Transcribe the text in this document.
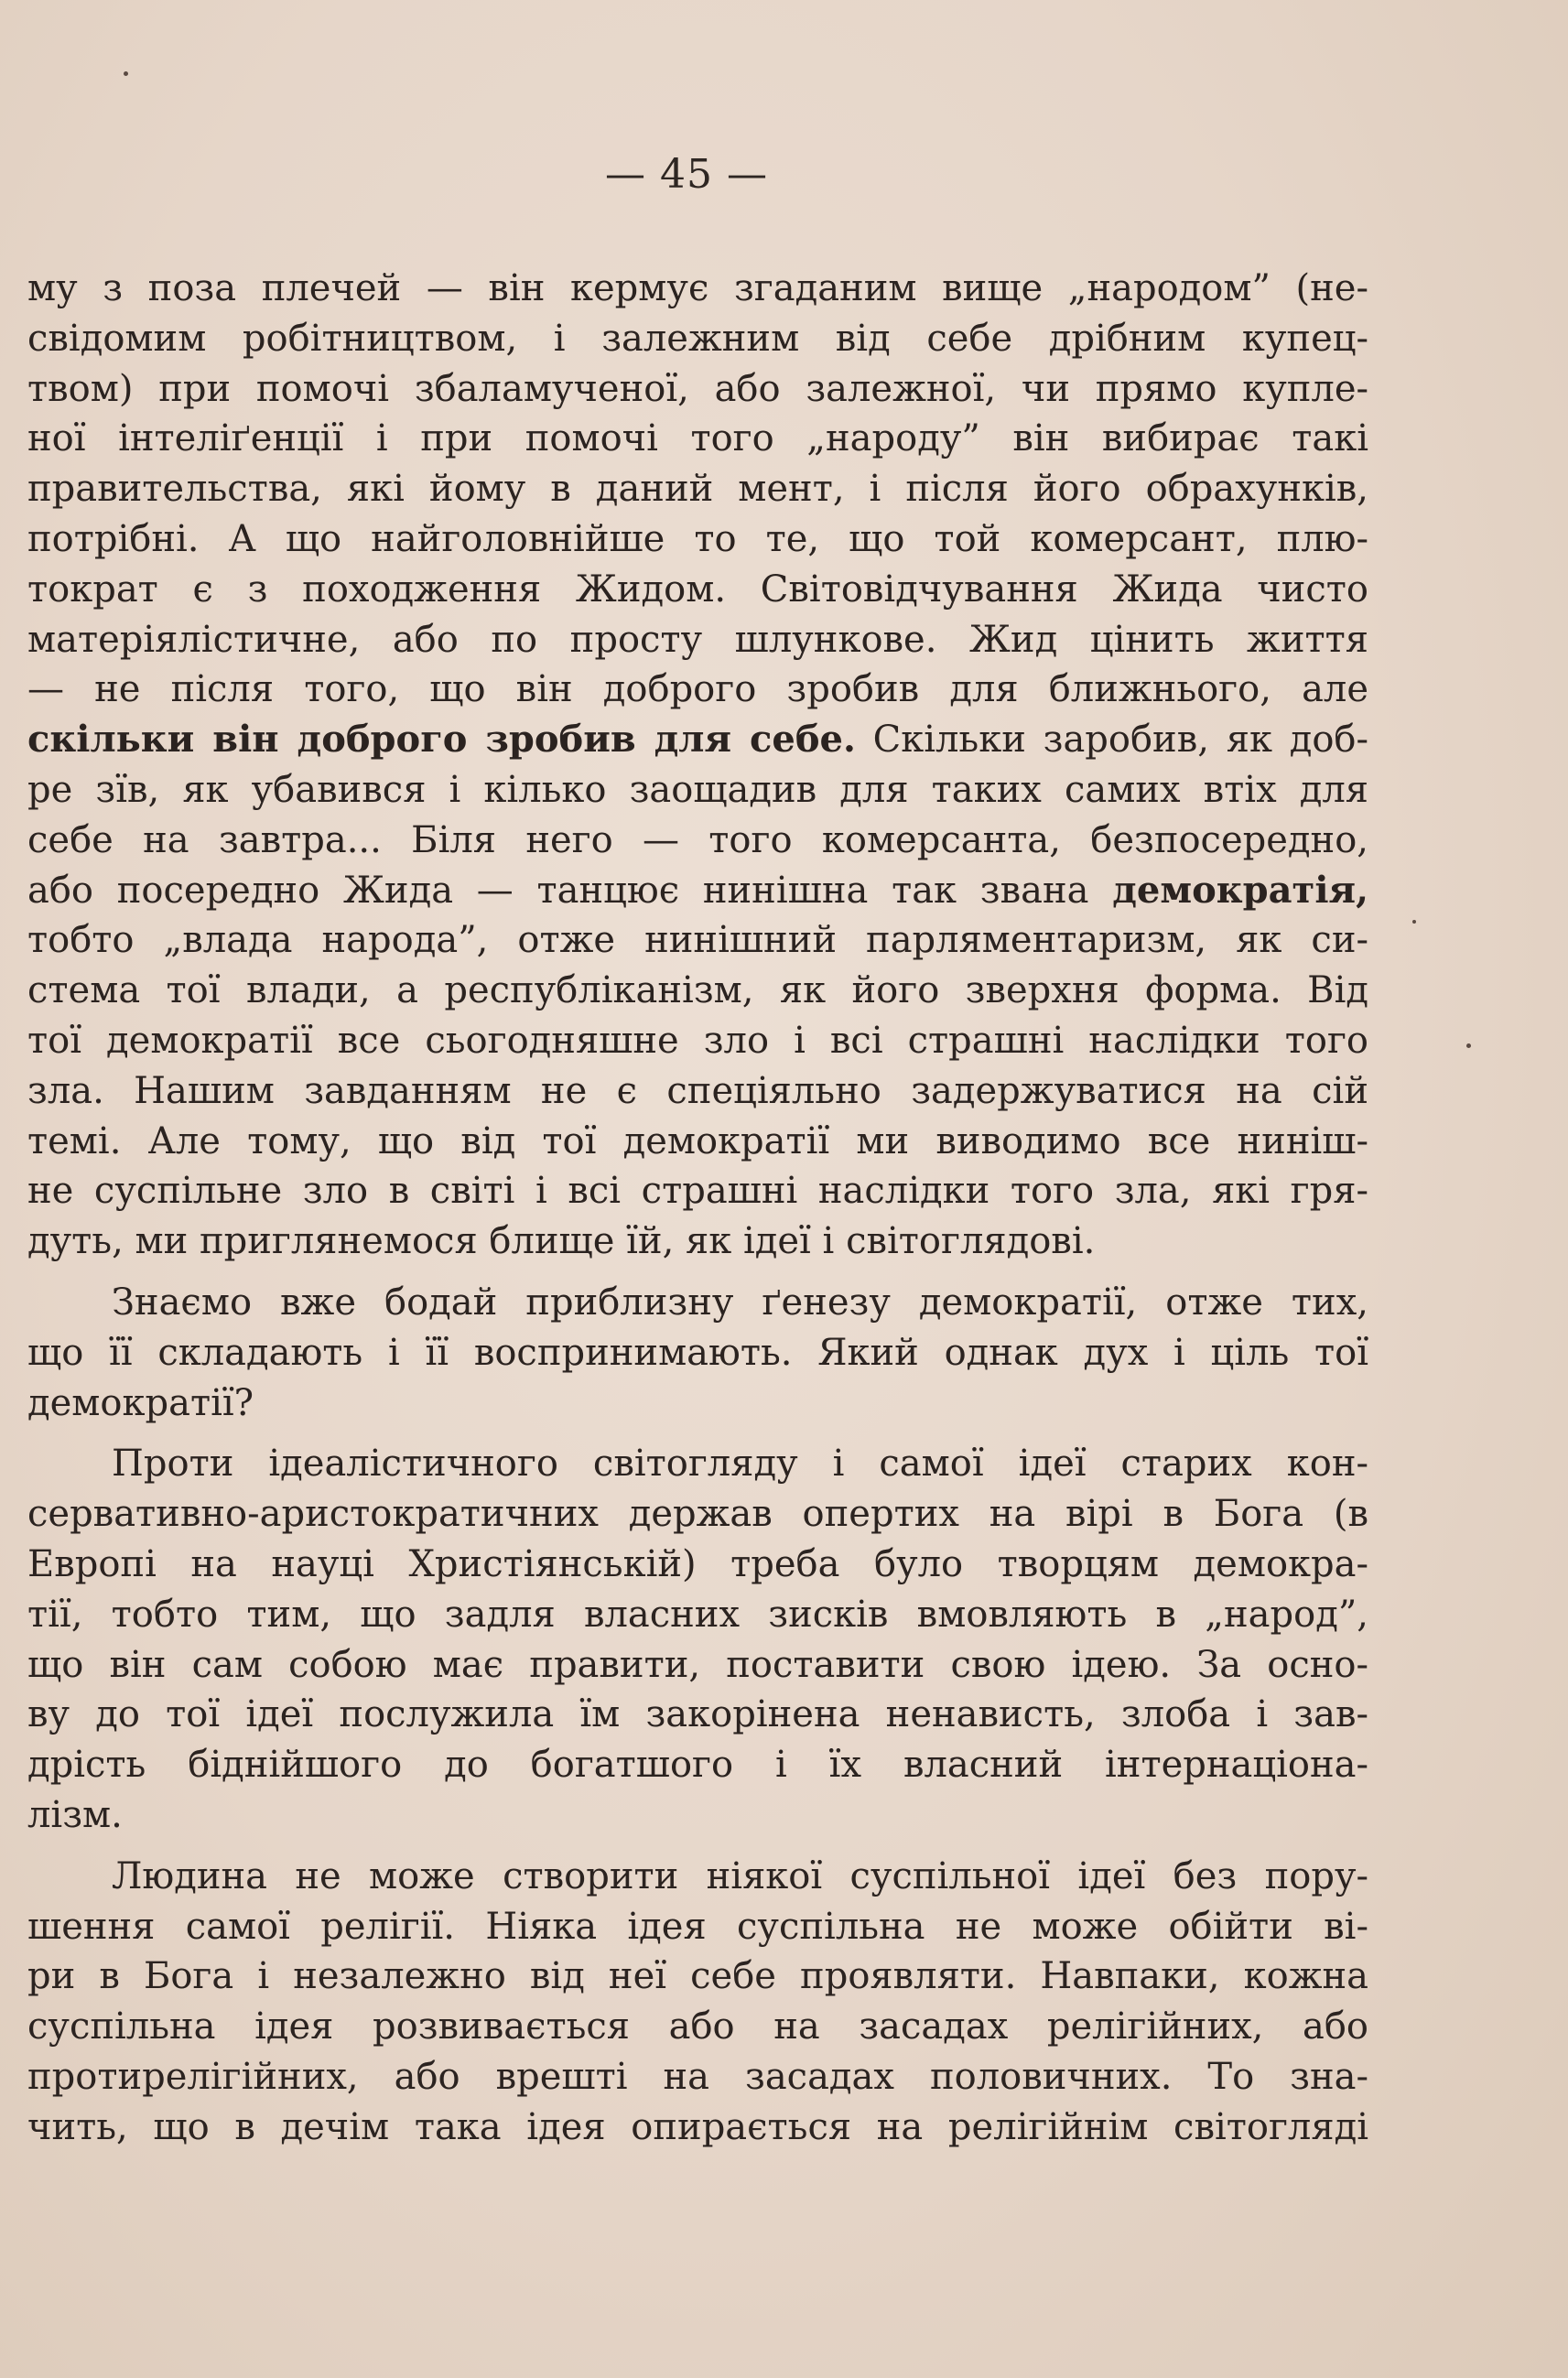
— 45 —
му з поза плечей — він кермує згаданим вище „народом” (не-
свідомим робітництвом, і залежним від себе дрібним купец-
твом) при помочі збаламученої, або залежної, чи прямо купле-
ної інтеліґенції і при помочі того „народу” він вибирає такі
правительства, які йому в даний мент, і після його обрахунків,
потрібні. А що найголовнійше то те, що той комерсант, плю-
тократ є з походження Жидом. Світовідчування Жида чисто
матеріялістичне, або по просту шлункове. Жид цінить життя
— не після того, що він доброго зробив для ближнього, але
скільки він доброго зробив для себе. Скільки заробив, як доб-
ре зїв, як убавився і кілько заощадив для таких самих втіх для
себе на завтра... Біля него — того комерсанта, безпосередно,
або посередно Жида — танцює нинішна так звана демократія,
тобто „влада народа”, отже нинішний парляментаризм, як си-
стема тої влади, а республіканізм, як його зверхня форма. Від
тої демократії все сьогодняшне зло і всі страшні наслідки того
зла. Нашим завданням не є спеціяльно задержуватися на сій
темі. Але тому, що від тої демократії ми виводимо все нинiш-
не суспільне зло в світі і всі страшні наслідки того зла, які гря-
дуть, ми приглянемося блище їй, як ідеї і світоглядові.
Знаємо вже бодай приблизну ґенезу демократії, отже тих,
що її складають і її воспринимають. Який однак дух і ціль тої
демократії?
Проти ідеалістичного світогляду і самої ідеї старих кон-
сервативно-аристократичних держав опертих на вірі в Бога (в
Европі на науці Христіянській) треба було творцям демокра-
тії, тобто тим, що задля власних зисків вмовляють в „народ”,
що він сам собою має правити, поставити свою ідею. За осно-
ву до тої ідеї послужила їм закорінена ненависть, злоба і зав-
дрість біднійшого до богатшого і їх власний інтернаціона-
лізм.
Людина не може створити ніякої суспільної ідеї без пору-
шення самої релігії. Ніяка ідея суспільна не може обійти ві-
ри в Бога і незалежно від неї себе проявляти. Навпаки, кожна
суспільна ідея розвивається або на засадах релігійних, або
протирелігійних, або врешті на засадах половичних. То зна-
чить, що в дечім така ідея опирається на релігійнім світогляді
